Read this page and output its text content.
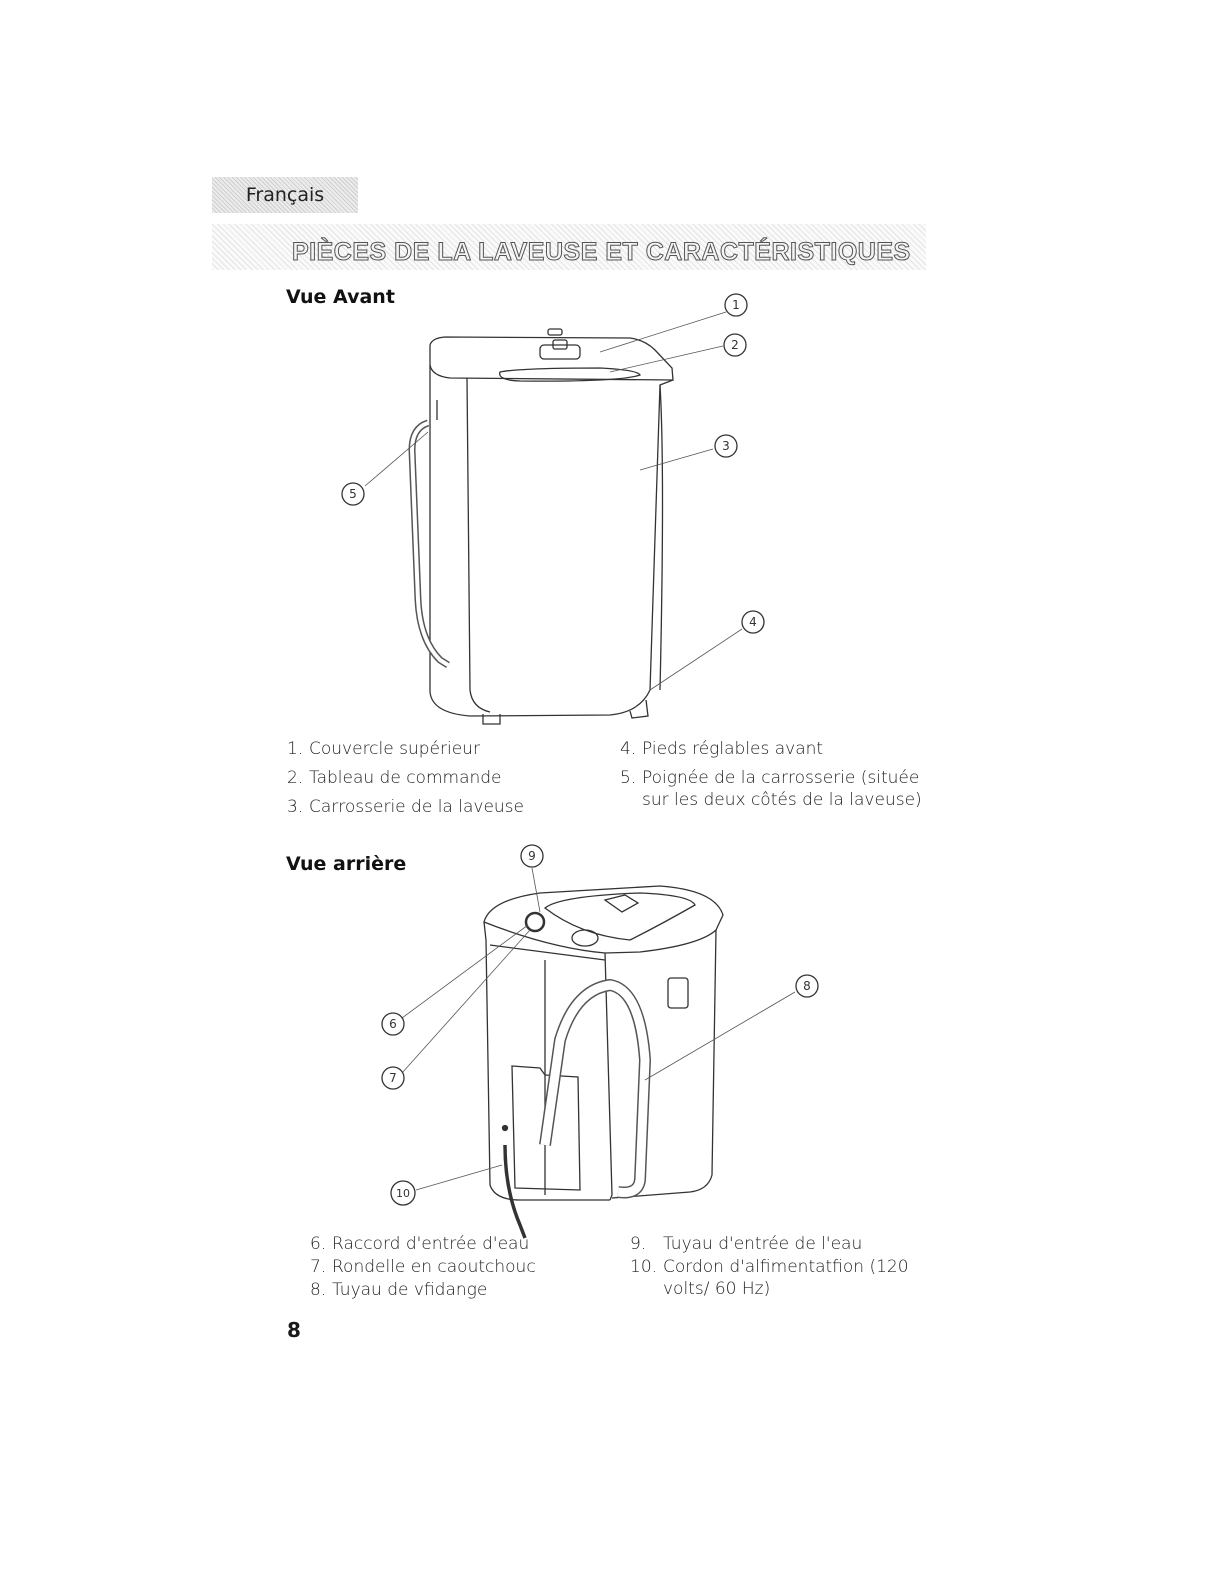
Français
PIÈCES DE LA LAVEUSE ET CARACTÉRISTIQUES
Vue Avant	1
2
3
4
5
1. Couvercle supérieur
2. Tableau de commande
3. Carrosserie de la laveuse
4. Pieds réglables avant
5. Poignée de la carrosserie (située sur les deux côtés de la laveuse)
Vue arrière	9
6
7
8
10
6. Raccord d'entrée d'eau
7. Rondelle en caoutchouc
8. Tuyau de vfidange
9. Tuyau d'entrée de l'eau
10. Cordon d'alfimentatfion (120 volts/ 60 Hz)

8
